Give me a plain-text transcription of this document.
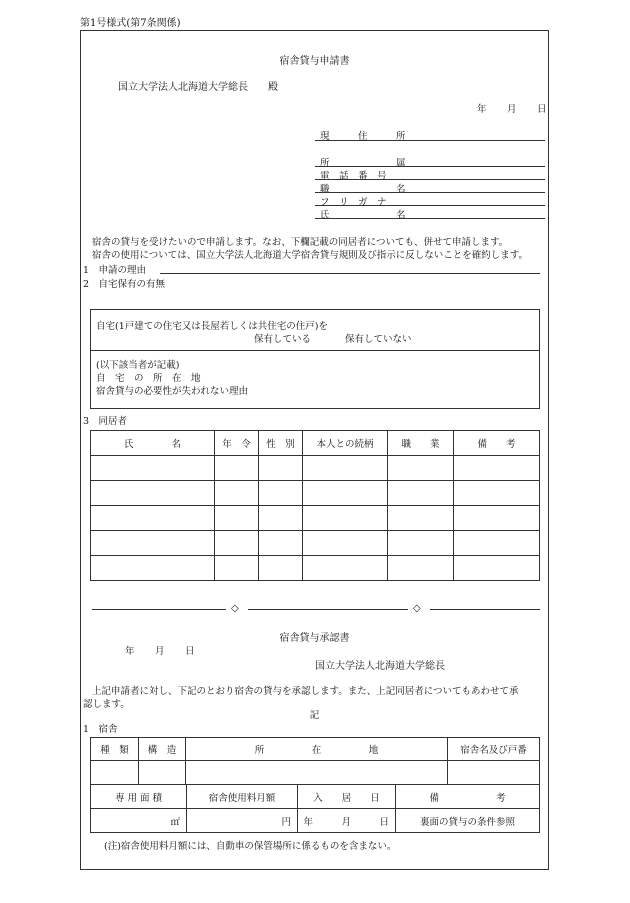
第1号様式(第7条関係)
宿舎貸与申請書
国立大学法人北海道大学総長　　殿
年 月 日
現　　　住　　　所
所　　　　　　　属
電　話　番　号
職　　　　　　　名
フ　リ　ガ　ナ
氏　　　　　　　名
宿舎の貸与を受けたいので申請します。なお、下欄記載の同居者についても、併せて申請します。
宿舎の使用については、国立大学法人北海道大学宿舎貸与規則及び指示に反しないことを確約します。
1　申請の理由
2　自宅保有の有無
自宅(1戸建ての住宅又は長屋若しくは共住宅の住戸)を
保有している	保有していない
(以下該当者が記載)
自　宅　の　所　在　地
宿舎貸与の必要性が失われない理由
3　同居者
氏　　　　名	年　令	性　別	本人との続柄	職　　業	備　　考

◇	◇
宿舎貸与承認書
年 月 日
国立大学法人北海道大学総長
上記申請者に対し、下記のとおり宿舎の貸与を承認します。また、上記同居者についてもあわせて承
認します。
記
1　宿舎
種　類	構　造	所　　　　　在　　　　　地	宿舎名及び戸番

専 用 面 積	宿舎使用料月額	入　　居　　日	備　　　　　　考
㎡	円	年　　　月　　　日	裏面の貸与の条件参照
(注)宿舎使用料月額には、自動車の保管場所に係るものを含まない。
